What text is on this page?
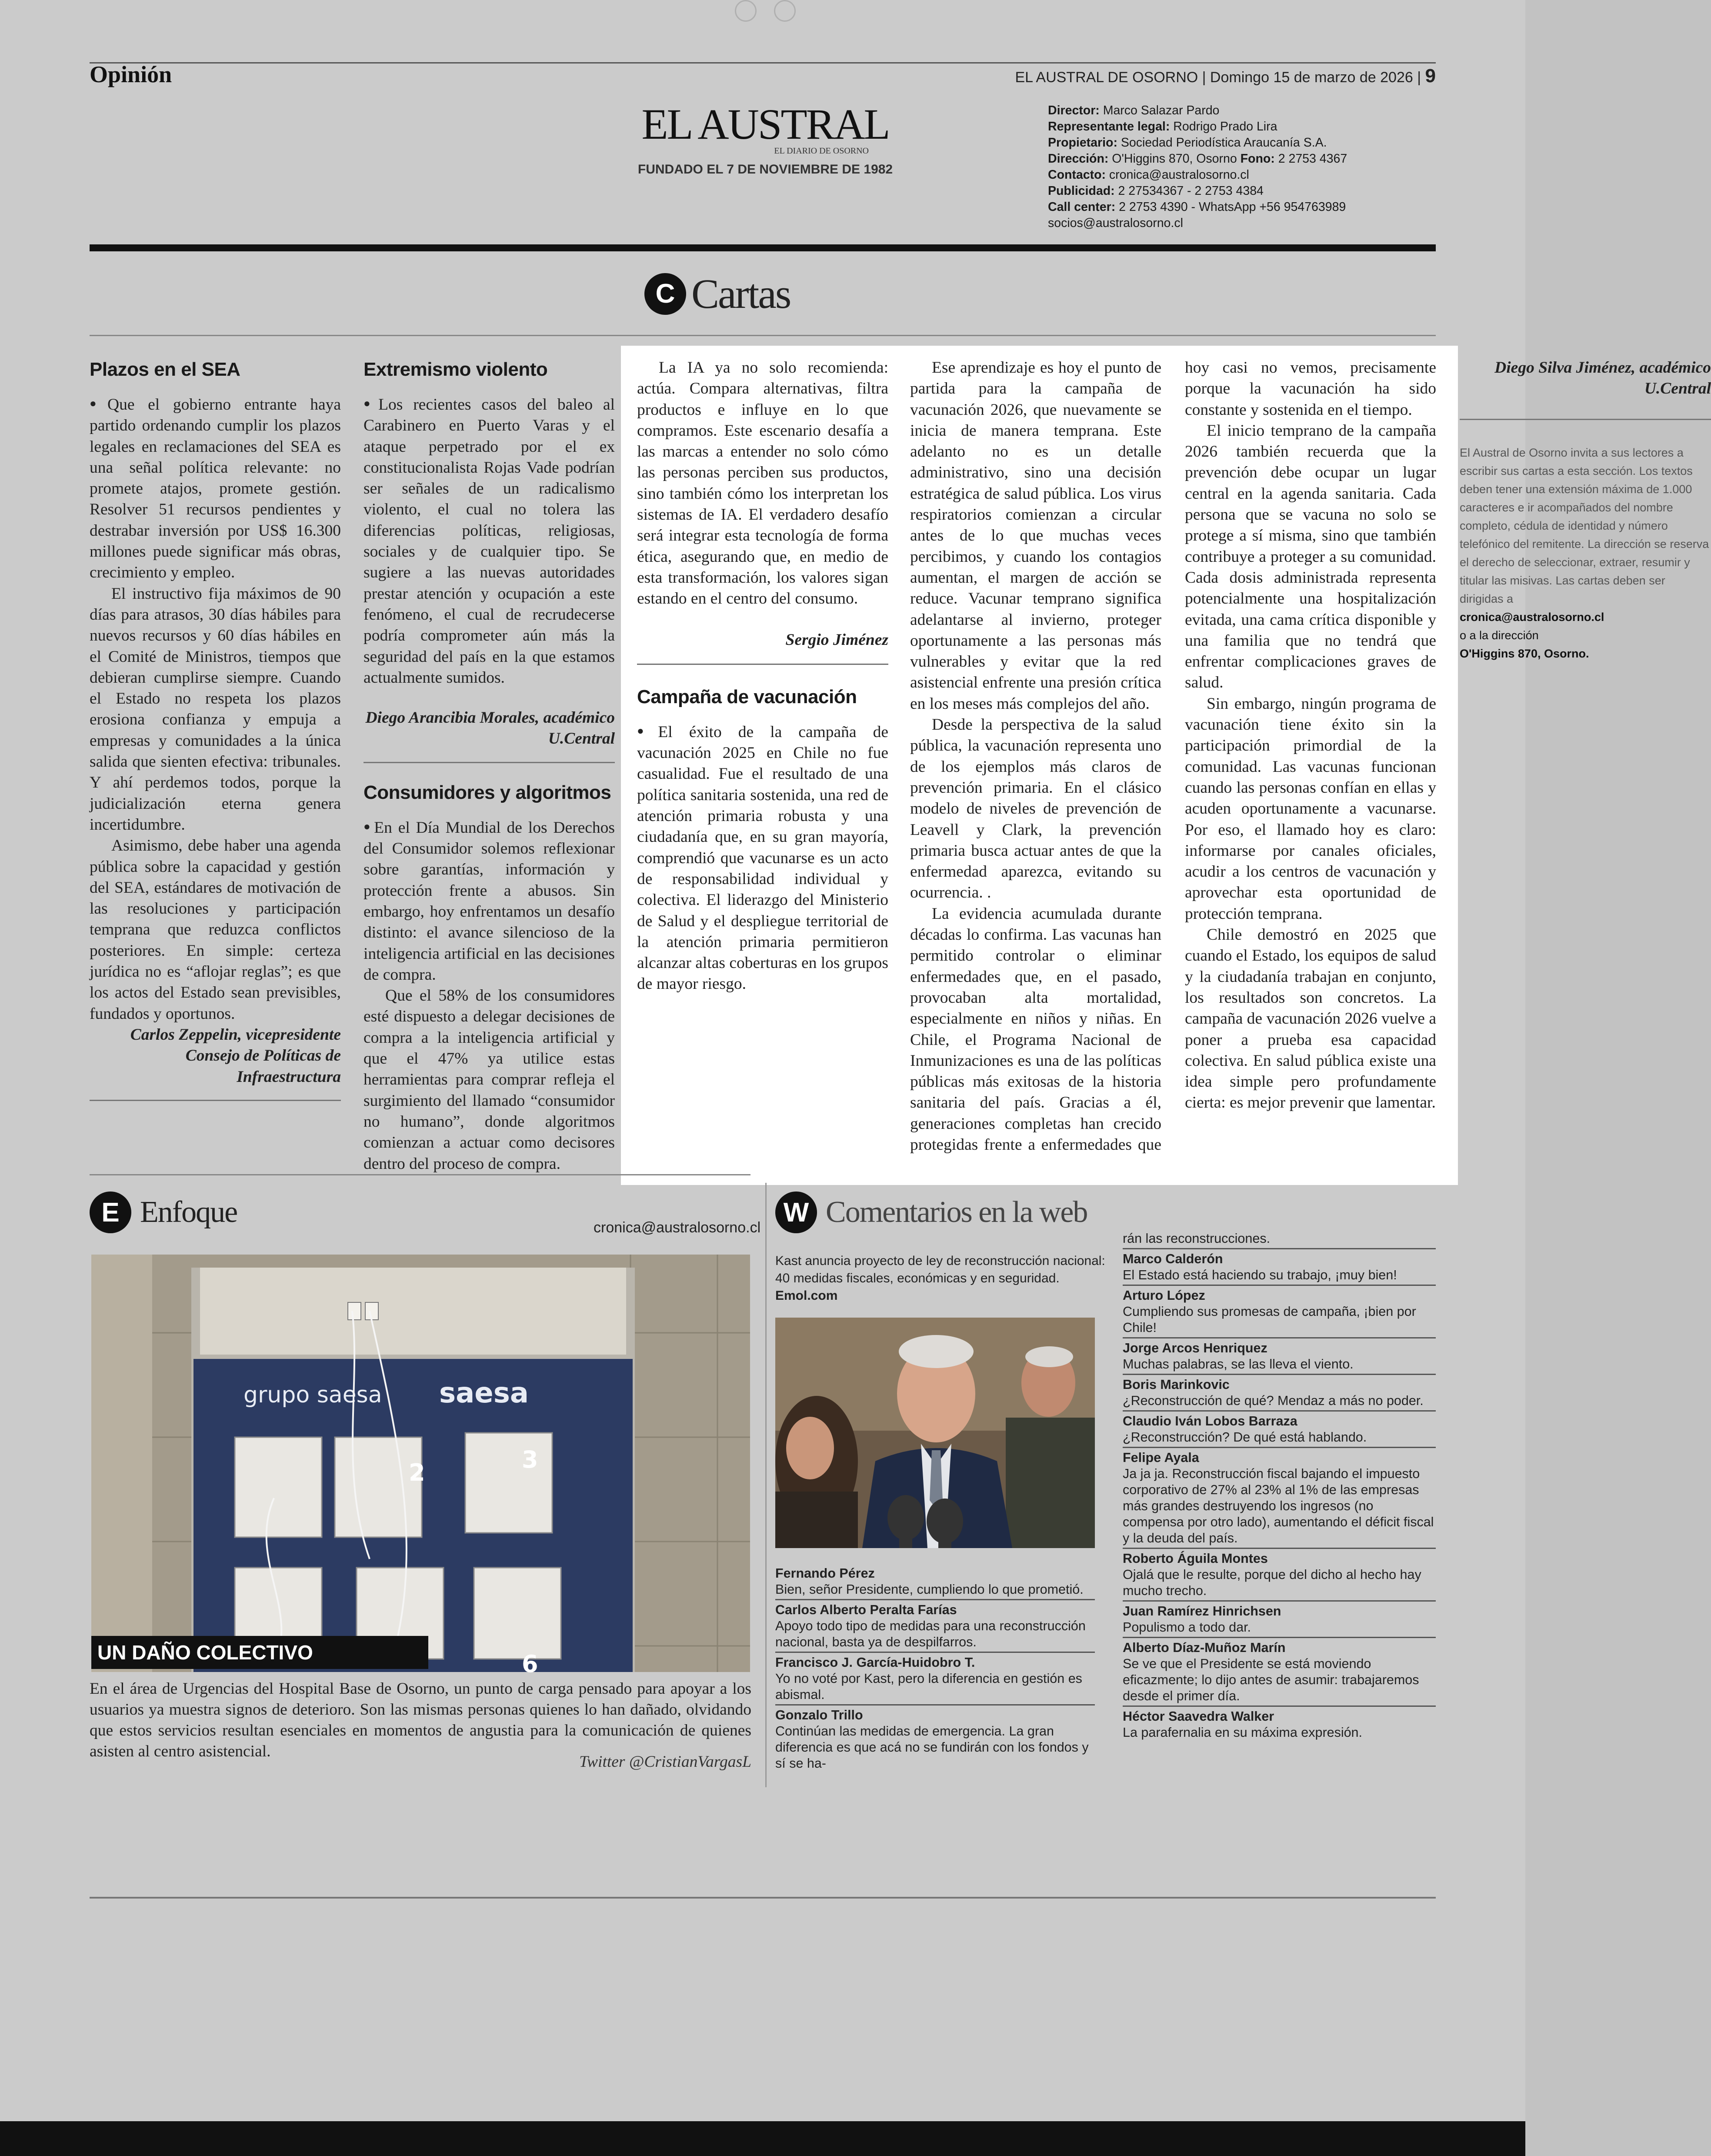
Opinión	EL AUSTRAL DE OSORNO | Domingo 15 de marzo de 2026 | 9
EL AUSTRAL
EL DIARIO DE OSORNO
FUNDADO EL 7 DE NOVIEMBRE DE 1982
Director: Marco Salazar Pardo
Representante legal: Rodrigo Prado Lira
Propietario: Sociedad Periodística Araucanía S.A.
Dirección: O'Higgins 870, Osorno Fono: 2 2753 4367
Contacto: cronica@australosorno.cl
Publicidad: 2 27534367 - 2 2753 4384
Call center: 2 2753 4390 - WhatsApp +56 954763989
socios@australosorno.cl
C Cartas
Plazos en el SEA

● Que el gobierno entrante haya partido ordenando cumplir los plazos legales en reclamaciones del SEA es una señal política relevante: no promete atajos, promete gestión. Resolver 51 recursos pendientes y destrabar inversión por US$ 16.300 millones puede significar más obras, crecimiento y empleo.

El instructivo fija máximos de 90 días para atrasos, 30 días hábiles para nuevos recursos y 60 días hábiles en el Comité de Ministros, tiempos que debieran cumplirse siempre. Cuando el Estado no respeta los plazos erosiona confianza y empuja a empresas y comunidades a la única salida que sienten efectiva: tribunales. Y ahí perdemos todos, porque la judicialización eterna genera incertidumbre.

Asimismo, debe haber una agenda pública sobre la capacidad y gestión del SEA, estándares de motivación de las resoluciones y participación temprana que reduzca conflictos posteriores. En simple: certeza jurídica no es “aflojar reglas”; es que los actos del Estado sean previsibles, fundados y oportunos.

Carlos Zeppelin, vicepresidente Consejo de Políticas de Infraestructura

Extremismo violento

● Los recientes casos del baleo al Carabinero en Puerto Varas y el ataque perpetrado por el ex constitucionalista Rojas Vade podrían ser señales de un radicalismo violento, el cual no tolera las diferencias políticas, religiosas, sociales y de cualquier tipo. Se sugiere a las nuevas autoridades prestar atención y ocupación a este fenómeno, el cual de recrudecerse podría comprometer aún más la seguridad del país en la que estamos actualmente sumidos.

Diego Arancibia Morales, académico U.Central

Consumidores y algoritmos

● En el Día Mundial de los Derechos del Consumidor solemos reflexionar sobre garantías, información y protección frente a abusos. Sin embargo, hoy enfrentamos un desafío distinto: el avance silencioso de la inteligencia artificial en las decisiones de compra.

Que el 58% de los consumidores esté dispuesto a delegar decisiones de compra a la inteligencia artificial y que el 47% ya utilice estas herramientas para comprar refleja el surgimiento del llamado “consumidor no humano”, donde algoritmos comienzan a actuar como decisores dentro del proceso de compra.

La IA ya no solo recomienda: actúa. Compara alternativas, filtra productos e influye en lo que compramos. Este escenario desafía a las marcas a entender no solo cómo las personas perciben sus productos, sino también cómo los interpretan los sistemas de IA. El verdadero desafío será integrar esta tecnología de forma ética, asegurando que, en medio de esta transformación, los valores sigan estando en el centro del consumo.

Sergio Jiménez

Campaña de vacunación

● El éxito de la campaña de vacunación 2025 en Chile no fue casualidad. Fue el resultado de una política sanitaria sostenida, una red de atención primaria robusta y una ciudadanía que, en su gran mayoría, comprendió que vacunarse es un acto de responsabilidad individual y colectiva. El liderazgo del Ministerio de Salud y el despliegue territorial de la atención primaria permitieron alcanzar altas coberturas en los grupos de mayor riesgo.

Ese aprendizaje es hoy el punto de partida para la campaña de vacunación 2026, que nuevamente se inicia de manera temprana. Este adelanto no es un detalle administrativo, sino una decisión estratégica de salud pública. Los virus respiratorios comienzan a circular antes de lo que muchas veces percibimos, y cuando los contagios aumentan, el margen de acción se reduce. Vacunar temprano significa adelantarse al invierno, proteger oportunamente a las personas más vulnerables y evitar que la red asistencial enfrente una presión crítica en los meses más complejos del año.

Desde la perspectiva de la salud pública, la vacunación representa uno de los ejemplos más claros de prevención primaria. En el clásico modelo de niveles de prevención de Leavell y Clark, la prevención primaria busca actuar antes de que la enfermedad aparezca, evitando su ocurrencia. .

La evidencia acumulada durante décadas lo confirma. Las vacunas han permitido controlar o eliminar enfermedades que, en el pasado, provocaban alta mortalidad, especialmente en niños y niñas. En Chile, el Programa Nacional de Inmunizaciones es una de las políticas públicas más exitosas de la historia sanitaria del país. Gracias a él, generaciones completas han crecido protegidas frente a enfermedades que hoy casi no vemos, precisamente porque la vacunación ha sido constante y sostenida en el tiempo.

El inicio temprano de la campaña 2026 también recuerda que la prevención debe ocupar un lugar central en la agenda sanitaria. Cada persona que se vacuna no solo se protege a sí misma, sino que también contribuye a proteger a su comunidad. Cada dosis administrada representa potencialmente una hospitalización evitada, una cama crítica disponible y una familia que no tendrá que enfrentar complicaciones graves de salud.

Sin embargo, ningún programa de vacunación tiene éxito sin la participación primordial de la comunidad. Las vacunas funcionan cuando las personas confían en ellas y acuden oportunamente a vacunarse. Por eso, el llamado hoy es claro: informarse por canales oficiales, acudir a los centros de vacunación y aprovechar esta oportunidad de protección temprana.

Chile demostró en 2025 que cuando el Estado, los equipos de salud y la ciudadanía trabajan en conjunto, los resultados son concretos. La campaña de vacunación 2026 vuelve a poner a prueba esa capacidad colectiva. En salud pública existe una idea simple pero profundamente cierta: es mejor prevenir que lamentar.

Diego Silva Jiménez, académico U.Central

El Austral de Osorno invita a sus lectores a escribir sus cartas a esta sección. Los textos deben tener una extensión máxima de 1.000 caracteres e ir acompañados del nombre completo, cédula de identidad y número telefónico del remitente. La dirección se reserva el derecho de seleccionar, extraer, resumir y titular las misivas. Las cartas deben ser dirigidas a
cronica@australosorno.cl
o a la dirección
O'Higgins 870, Osorno.
E Enfoque	cronica@australosorno.cl
grupo saesa saesa
2	3
6
UN DAÑO COLECTIVO
En el área de Urgencias del Hospital Base de Osorno, un punto de carga pensado para apoyar a los usuarios ya muestra signos de deterioro. Son las mismas personas quienes lo han dañado, olvidando que estos servicios resultan esenciales en momentos de angustia para la comunicación de quienes asisten al centro asistencial.
Twitter @CristianVargasL
W Comentarios en la web
Kast anuncia proyecto de ley de reconstrucción nacional: 40 medidas fiscales, económicas y en seguridad. Emol.com
Fernando Pérez
Bien, señor Presidente, cumpliendo lo que prometió.
Carlos Alberto Peralta Farías
Apoyo todo tipo de medidas para una reconstrucción nacional, basta ya de despilfarros.
Francisco J. García-Huidobro T.
Yo no voté por Kast, pero la diferencia en gestión es abismal.
Gonzalo Trillo
Continúan las medidas de emergencia. La gran diferencia es que acá no se fundirán con los fondos y sí se ha-
rán las reconstrucciones.
Marco Calderón
El Estado está haciendo su trabajo, ¡muy bien!
Arturo López
Cumpliendo sus promesas de campaña, ¡bien por Chile!
Jorge Arcos Henriquez
Muchas palabras, se las lleva el viento.
Boris Marinkovic
¿Reconstrucción de qué? Mendaz a más no poder.
Claudio Iván Lobos Barraza
¿Reconstrucción? De qué está hablando.
Felipe Ayala
Ja ja ja. Reconstrucción fiscal bajando el impuesto corporativo de 27% al 23% al 1% de las empresas más grandes destruyendo los ingresos (no compensa por otro lado), aumentando el déficit fiscal y la deuda del país.
Roberto Águila Montes
Ojalá que le resulte, porque del dicho al hecho hay mucho trecho.
Juan Ramírez Hinrichsen
Populismo a todo dar.
Alberto Díaz-Muñoz Marín
Se ve que el Presidente se está moviendo eficazmente; lo dijo antes de asumir: trabajaremos desde el primer día.
Héctor Saavedra Walker
La parafernalia en su máxima expresión.
